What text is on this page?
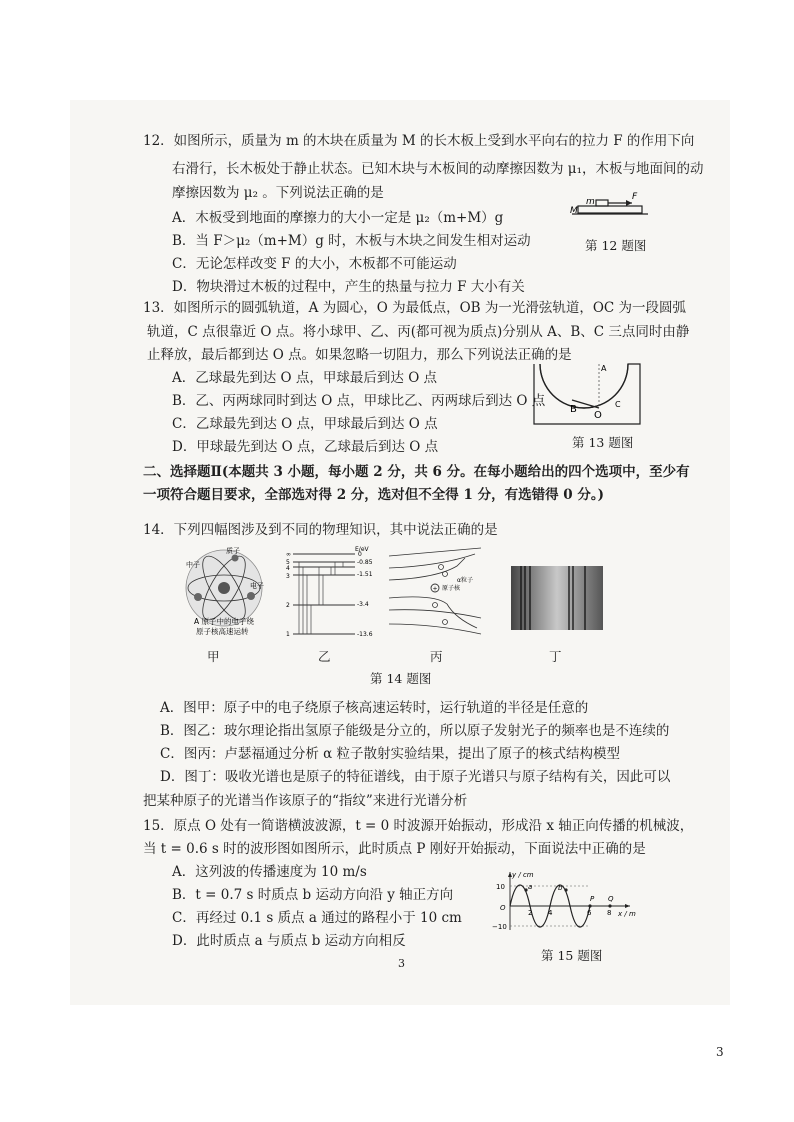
12．如图所示，质量为 m 的木块在质量为 M 的长木板上受到水平向右的拉力 F 的作用下向
右滑行，长木板处于静止状态。已知木块与木板间的动摩擦因数为 μ₁，木板与地面间的动
摩擦因数为 μ₂ 。下列说法正确的是
A．木板受到地面的摩擦力的大小一定是 μ₂（m+M）g
B．当 F＞μ₂（m+M）g 时，木板与木块之间发生相对运动
C．无论怎样改变 F 的大小，木板都不可能运动
D．物块滑过木板的过程中，产生的热量与拉力 F 大小有关
m
M
F
第 12 题图
13．如图所示的圆弧轨道，A 为圆心，O 为最低点，OB 为一光滑弦轨道，OC 为一段圆弧
轨道，C 点很靠近 O 点。将小球甲、乙、丙(都可视为质点)分别从 A、B、C 三点同时由静
止释放，最后都到达 O 点。如果忽略一切阻力，那么下列说法正确的是
A．乙球最先到达 O 点，甲球最后到达 O 点
B．乙、丙两球同时到达 O 点，甲球比乙、丙两球后到达 O 点
C．乙球最先到达 O 点，甲球最后到达 O 点
D．甲球最先到达 O 点，乙球最后到达 O 点
A
B
O
C
第 13 题图
二、选择题Ⅱ(本题共 3 小题，每小题 2 分，共 6 分。在每小题给出的四个选项中，至少有
一项符合题目要求，全部选对得 2 分，选对但不全得 1 分，有选错得 0 分。)
14．下列四幅图涉及到不同的物理知识，其中说法正确的是
质子
中子
电子
A 原子中的电子绕
原子核高速运转
E/eV
∞
5
4
3
2
1
0
-0.85
-1.51
-3.4
-13.6
+
α粒子
原子核
甲	乙	丙	丁
第 14 题图
A．图甲：原子中的电子绕原子核高速运转时，运行轨道的半径是任意的
B．图乙：玻尔理论指出氢原子能级是分立的，所以原子发射光子的频率也是不连续的
C．图丙：卢瑟福通过分析 α 粒子散射实验结果，提出了原子的核式结构模型
D．图丁：吸收光谱也是原子的特征谱线，由于原子光谱只与原子结构有关，因此可以
把某种原子的光谱当作该原子的“指纹”来进行光谱分析
15．原点 O 处有一简谐横波波源，t = 0 时波源开始振动，形成沿 x 轴正向传播的机械波，
当 t = 0.6 s 时的波形图如图所示，此时质点 P 刚好开始振动，下面说法中正确的是
A．这列波的传播速度为 10 m/s
B．t = 0.7 s 时质点 b 运动方向沿 y 轴正方向
C．再经过 0.1 s 质点 a 通过的路程小于 10 cm
D．此时质点 a 与质点 b 运动方向相反
y / cm
x / m
O
10
−10
2 4	6 8
a	b
P Q
第 15 题图
3
3
